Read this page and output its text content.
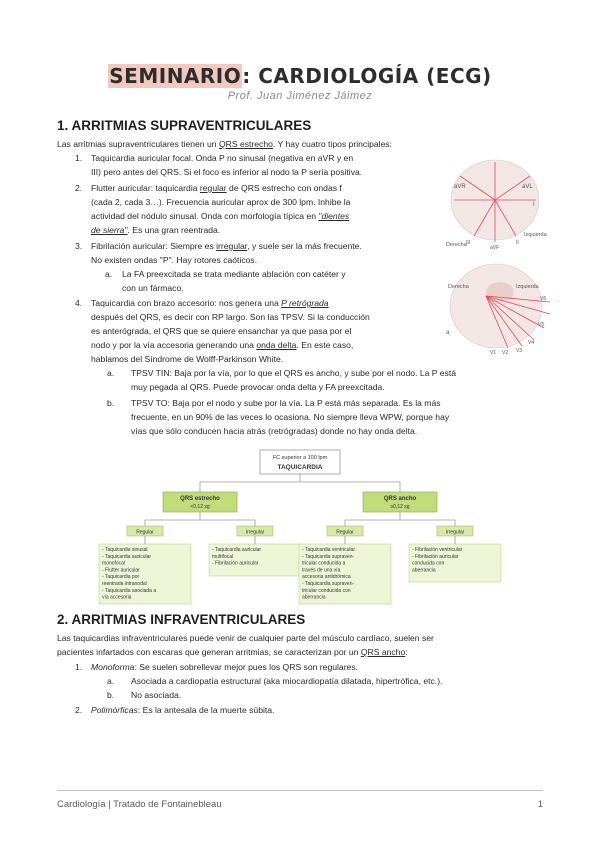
SEMINARIO: CARDIOLOGÍA (ECG)
Prof. Juan Jiménez Jáimez
1. ARRITMIAS SUPRAVENTRICULARES
Las arritmias supraventriculares tienen un QRS estrecho. Y hay cuatro tipos principales:
1. Taquicardia auricular focal. Onda P no sinusal (negativa en aVR y en

III) pero antes del QRS. Si el foco es inferior al nodo la P sería positiva.

2. Flutter auricular: taquicardia regular de QRS estrecho con ondas f

(cada 2, cada 3…). Frecuencia auricular aprox de 300 lpm. Inhibe la

actividad del nódulo sinusal. Onda con morfología típica en "dientes

de sierra". Es una gran reentrada.

3. Fibrilación auricular: Siempre es irregular, y suele ser la más frecuente.

No existen ondas "P". Hay rotores caóticos.

a. La FA preexcitada se trata mediante ablación con catéter y

con un fármaco.

4. Taquicardia con brazo accesorio: nos genera una P retrógrada

después del QRS, es decir con RP largo. Son las TPSV. Si la conducción

es anterógrada, el QRS que se quiere ensanchar ya que pasa por el

nodo y por la vía accesoria generando una onda delta. En este caso,

hablamos del Síndrome de Wolff-Parkinson White.

a. TPSV TIN: Baja por la vía, por lo que el QRS es ancho, y sube por el nodo. La P está

muy pegada al QRS. Puede provocar onda delta y FA preexcitada.

b. TPSV TO: Baja por el nodo y sube por la vía. La P está más separada. Es la más

frecuente, en un 90% de las veces lo ocasiona. No siempre lleva WPW, porque hay

vías que sólo conducen hacia atrás (retrógradas) donde no hay onda delta.

aVR	aVL
I
III
aVF
II
Derecha
Izquierda
Derecha	Izquierda
V6
V5
V4
V3
V2
V1
a
FC superior a 100 lpm
TAQUICARDIA
QRS estrecho
<0,12 sg
QRS ancho
≥0,12 sg
Regular	Irregular	Regular	Irregular
- Taquicardia sinusal
- Taquicardia auricular
monofocal
- Flutter auricular
- Taquicardia por
reentrada intranodal
- Taquicardia asociada a
vía accesoria
- Taquicardia auricular
multifocal
- Fibrilación auricular
- Taquicardia ventricular
- Taquicardia supraven-
tricular conducida a
través de una vía
accesoria antidrómica
- Taquicardia supraven-
tricular conducida con
aberrancia
- Fibrilación ventricular
- Fibrilación auricular
conducida con
aberrancia
2. ARRITMIAS INFRAVENTRICULARES

Las taquicardias infraventriculares puede venir de cualquier parte del músculo cardíaco, suelen ser

pacientes infartados con escaras que generan arritmias, se caracterizan por un QRS ancho:

1. Monoforma: Se suelen sobrellevar mejor pues los QRS son regulares.

a. Asociada a cardiopatía estructural (aka miocardiopatía dilatada, hipertrófica, etc.).

b. No asociada.

2. Polimórficas: Es la antesala de la muerte súbita.

Cardiología | Tratado de Fontainebleau	1
